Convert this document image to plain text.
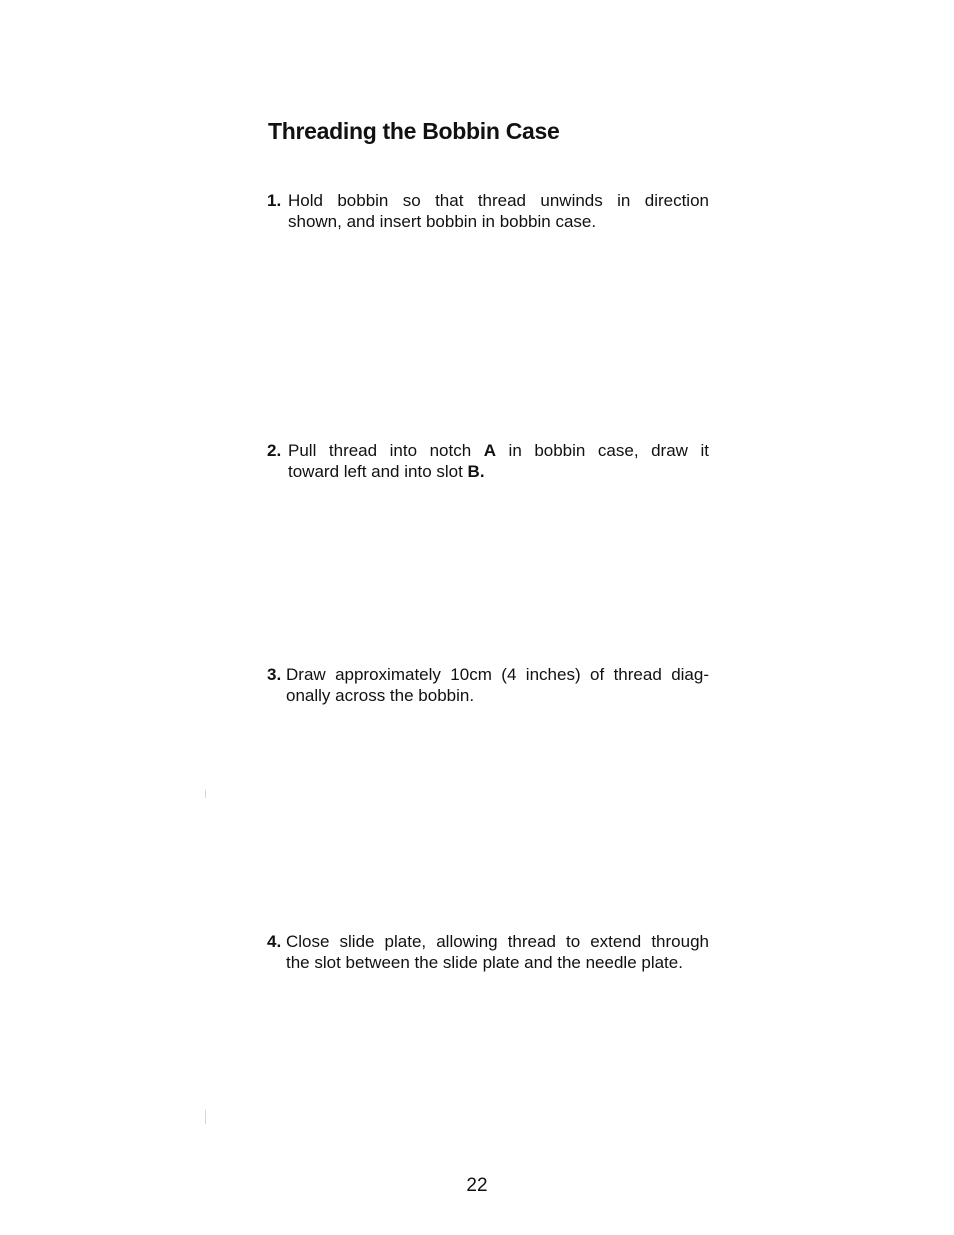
Threading the Bobbin Case
1. Hold bobbin so that thread unwinds in direction
shown, and insert bobbin in bobbin case.
2. Pull thread into notch A in bobbin case, draw it
toward left and into slot B.
3. Draw approximately 10cm (4 inches) of thread diag-
onally across the bobbin.
4. Close slide plate, allowing thread to extend through
the slot between the slide plate and the needle plate.
22
